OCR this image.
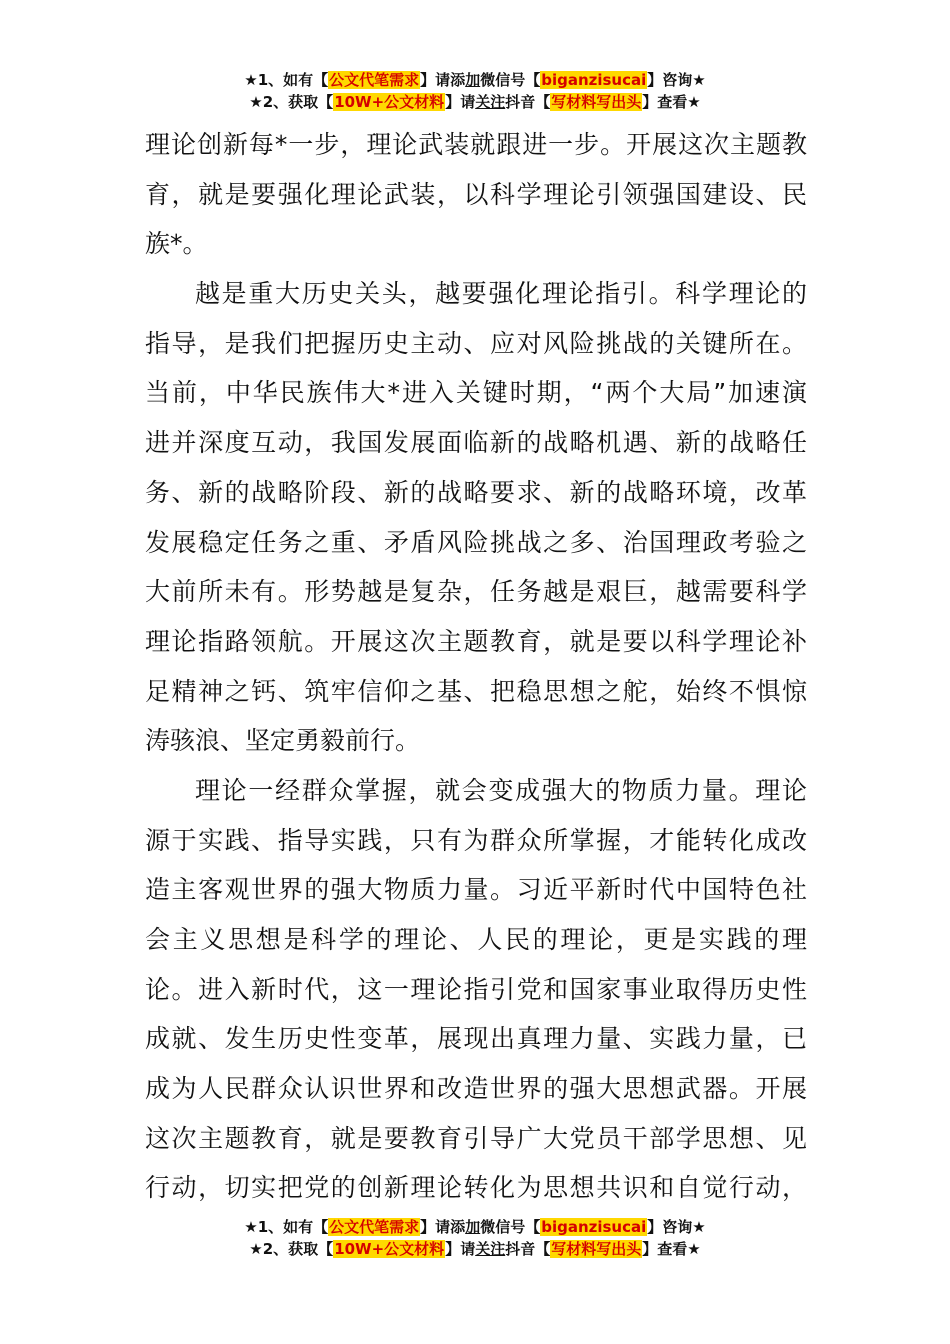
★1、如有【公文代笔需求】请添加微信号【biganzisucai】咨询★
★2、获取【10W+公文材料】请关注抖音【写材料写出头】查看★
理论创新每*一步，理论武装就跟进一步。开展这次主题教
育，就是要强化理论武装，以科学理论引领强国建设、民
族*。
越是重大历史关头，越要强化理论指引。科学理论的
指导，是我们把握历史主动、应对风险挑战的关键所在。
当前，中华民族伟大*进入关键时期，“两个大局”加速演
进并深度互动，我国发展面临新的战略机遇、新的战略任
务、新的战略阶段、新的战略要求、新的战略环境，改革
发展稳定任务之重、矛盾风险挑战之多、治国理政考验之
大前所未有。形势越是复杂，任务越是艰巨，越需要科学
理论指路领航。开展这次主题教育，就是要以科学理论补
足精神之钙、筑牢信仰之基、把稳思想之舵，始终不惧惊
涛骇浪、坚定勇毅前行。
理论一经群众掌握，就会变成强大的物质力量。理论
源于实践、指导实践，只有为群众所掌握，才能转化成改
造主客观世界的强大物质力量。习近平新时代中国特色社
会主义思想是科学的理论、人民的理论，更是实践的理
论。进入新时代，这一理论指引党和国家事业取得历史性
成就、发生历史性变革，展现出真理力量、实践力量，已
成为人民群众认识世界和改造世界的强大思想武器。开展
这次主题教育，就是要教育引导广大党员干部学思想、见
行动，切实把党的创新理论转化为思想共识和自觉行动，
★1、如有【公文代笔需求】请添加微信号【biganzisucai】咨询★
★2、获取【10W+公文材料】请关注抖音【写材料写出头】查看★
